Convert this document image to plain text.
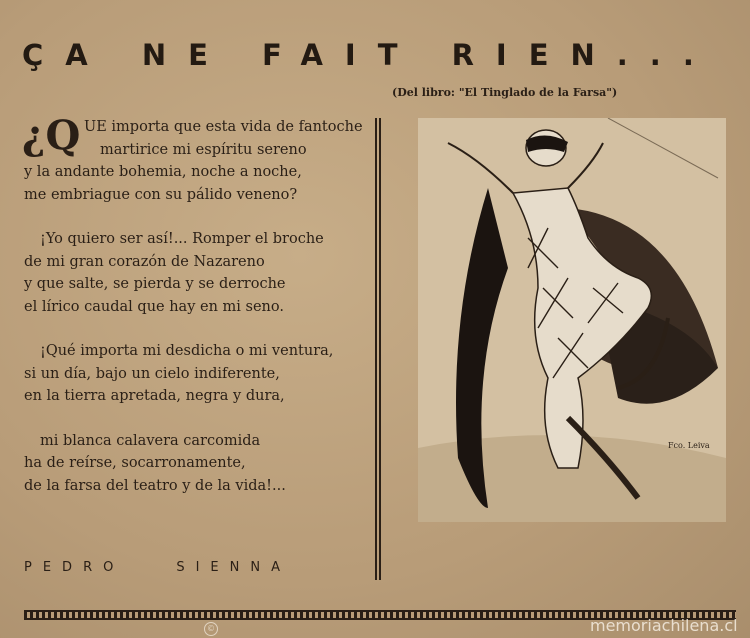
ÇA NE FAIT RIEN...
(Del libro: "El Tinglado de la Farsa")
¿Q UE importa que esta vida de fantoche
martirice mi espíritu sereno
y la andante bohemia, noche a noche,
me embriague con su pálido veneno?
¡Yo quiero ser así!... Romper el broche
de mi gran corazón de Nazareno
y que salte, se pierda y se derroche
el lírico caudal que hay en mi seno.
¡Qué importa mi desdicha o mi ventura,
si un día, bajo un cielo indiferente,
en la tierra apretada, negra y dura,
mi blanca calavera carcomida
ha de reírse, socarronamente,
de la farsa del teatro y de la vida!...
PEDRO	SIENNA
Fco. Leiva
©	memoriachilena.cl
